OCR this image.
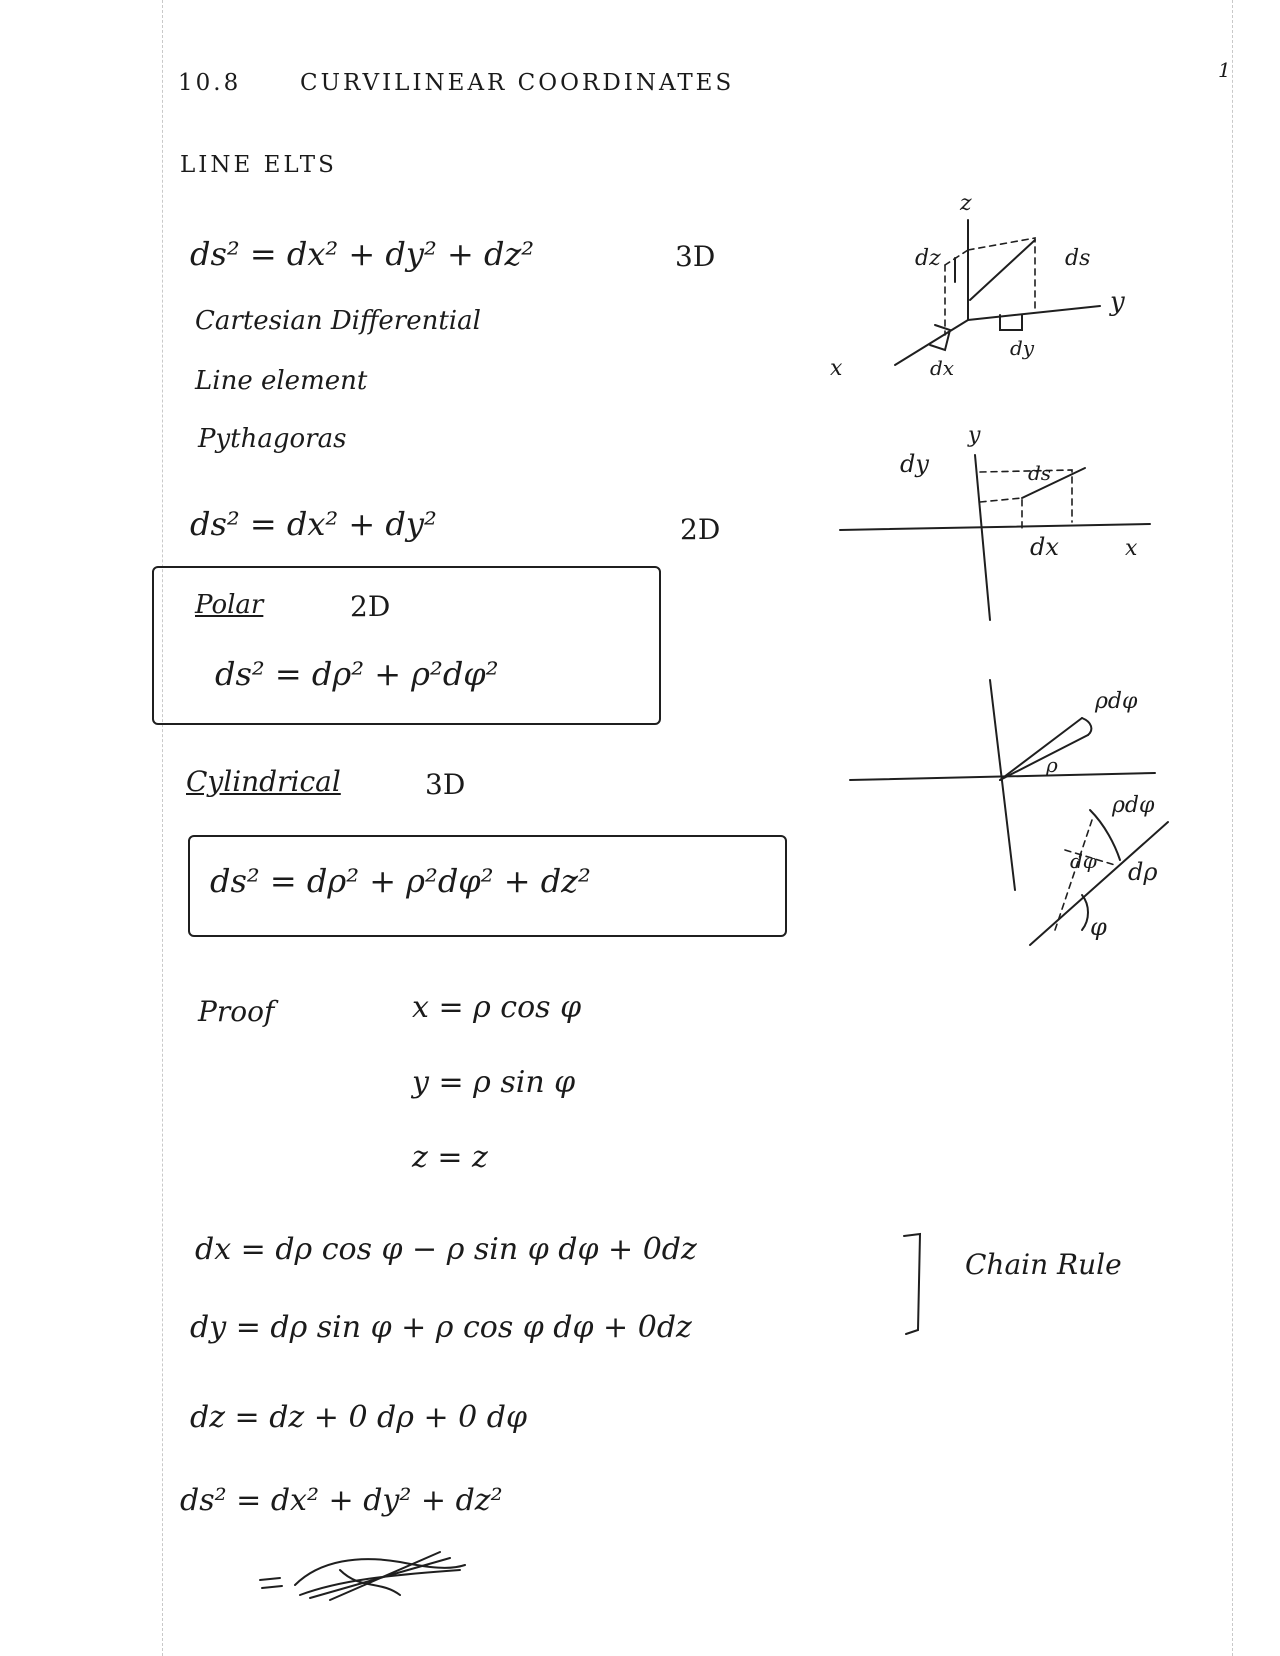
10.8	CURVILINEAR COORDINATES	1
LINE ELTS
ds² = dx² + dy² + dz²	3D
Cartesian Differential
Line element
Pythagoras
ds² = dx² + dy²	2D
Polar	2D
ds² = dρ² + ρ²dφ²
Cylindrical	3D
ds² = dρ² + ρ²dφ² + dz²
Proof	x = ρ cos φ
y = ρ sin φ
z = z
dx = dρ cos φ − ρ sin φ dφ + 0dz
dy = dρ sin φ + ρ cos φ dφ + 0dz
Chain Rule
dz = dz + 0 dρ + 0 dφ
ds² = dx² + dy² + dz²
z
y
x
dz	ds
dy
dx
y
x
dy	ds
dx
ρdφ
ρ
ρdφ
dφ dρ
φ
